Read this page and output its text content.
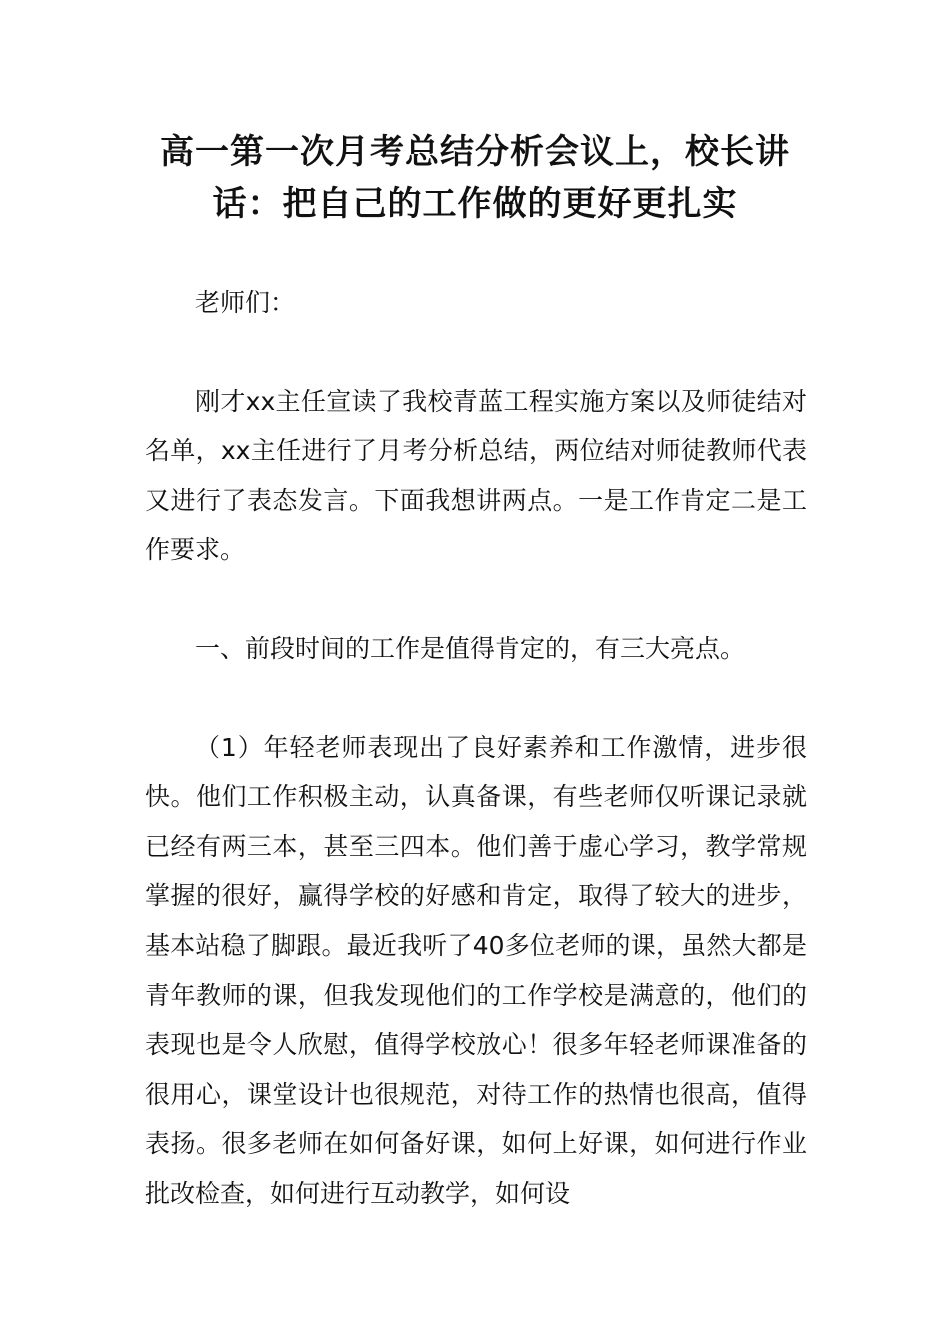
高一第一次月考总结分析会议上，校长讲话：把自己的工作做的更好更扎实

老师们：

刚才xx主任宣读了我校青蓝工程实施方案以及师徒结对名单，xx主任进行了月考分析总结，两位结对师徒教师代表又进行了表态发言。下面我想讲两点。一是工作肯定二是工作要求。

一、前段时间的工作是值得肯定的，有三大亮点。

（1）年轻老师表现出了良好素养和工作激情，进步很快。他们工作积极主动，认真备课，有些老师仅听课记录就已经有两三本，甚至三四本。他们善于虚心学习，教学常规掌握的很好，赢得学校的好感和肯定，取得了较大的进步，基本站稳了脚跟。最近我听了40多位老师的课，虽然大都是青年教师的课，但我发现他们的工作学校是满意的，他们的表现也是令人欣慰，值得学校放心！很多年轻老师课准备的很用心，课堂设计也很规范，对待工作的热情也很高，值得表扬。很多老师在如何备好课，如何上好课，如何进行作业批改检查，如何进行互动教学，如何设
